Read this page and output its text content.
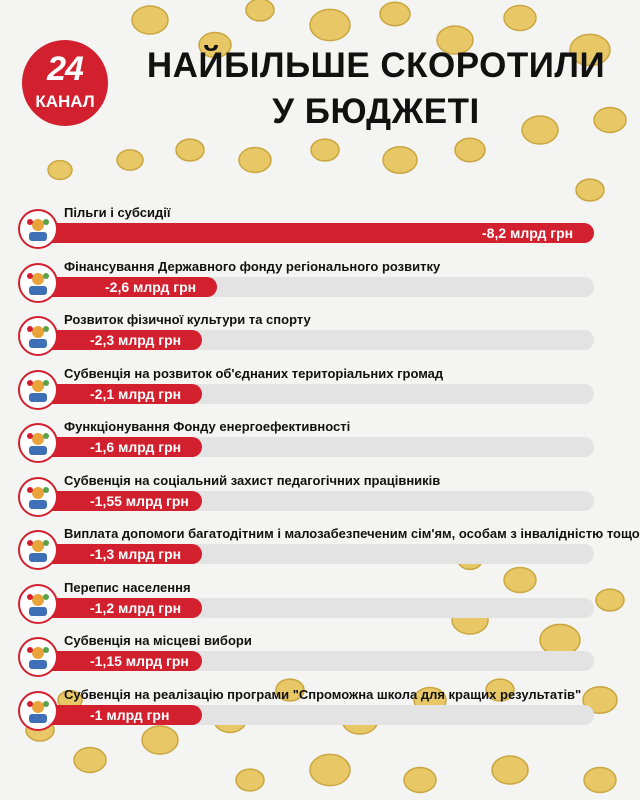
24
КАНАЛ
НАЙБІЛЬШЕ СКОРОТИЛИ
У БЮДЖЕТІ
-8,2 млрд грн
Пільги і субсидії
-2,6 млрд грн
Фінансування Державного фонду регіонального розвитку
-2,3 млрд грн
Розвиток фізичної культури та спорту
-2,1 млрд грн
Субвенція на розвиток об'єднаних територіальних громад
-1,6 млрд грн
Функціонування Фонду енергоефективності
-1,55 млрд грн
Субвенція на соціальний захист педагогічних працівників
-1,3 млрд грн
Виплата допомоги багатодітним і малозабезпеченим сім'ям, особам з інвалідністю тощо
-1,2 млрд грн
Перепис населення
-1,15 млрд грн
Субвенція на місцеві вибори
-1 млрд грн
Субвенція на реалізацію програми "Спроможна школа для кращих результатів"
